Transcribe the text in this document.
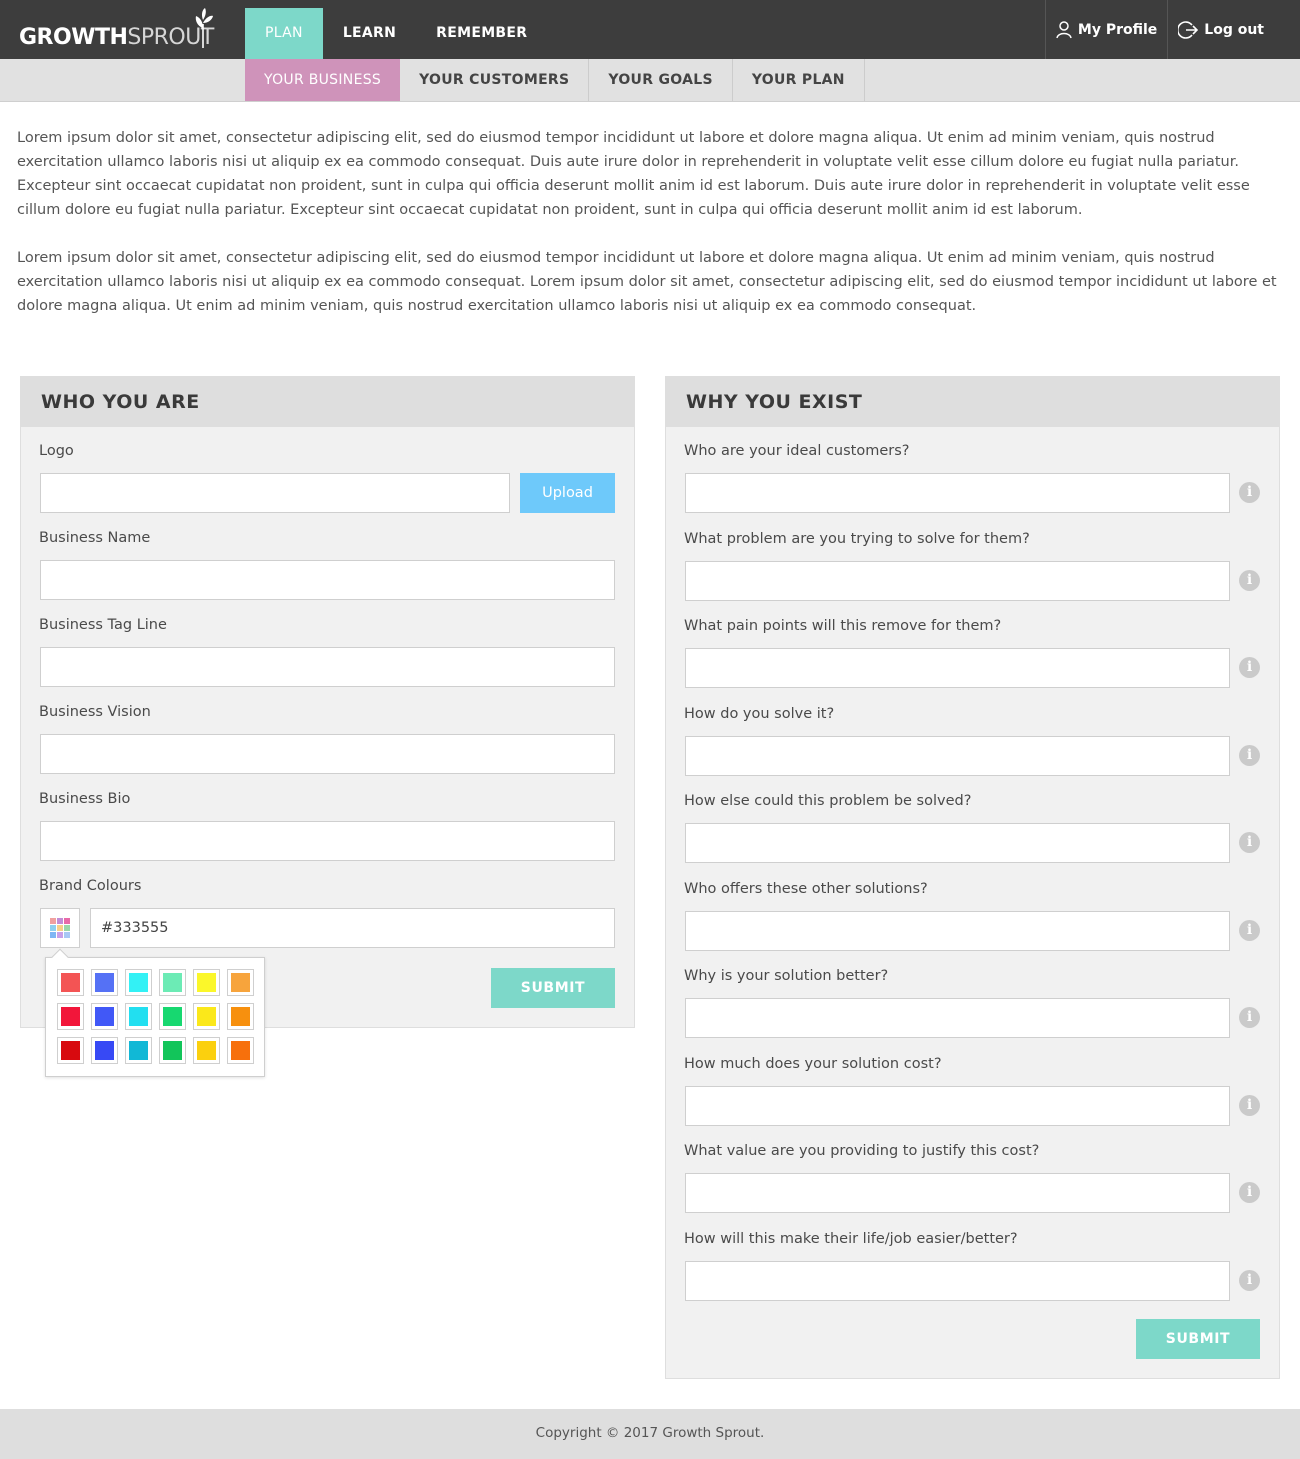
GROWTHSPROUT	PLAN	LEARN	REMEMBER	My Profile	Log out
YOUR BUSINESS	YOUR CUSTOMERS	YOUR GOALS	YOUR PLAN

Lorem ipsum dolor sit amet, consectetur adipiscing elit, sed do eiusmod tempor incididunt ut labore et dolore magna aliqua. Ut enim ad minim veniam, quis nostrud exercitation ullamco laboris nisi ut aliquip ex ea commodo consequat. Duis aute irure dolor in reprehenderit in voluptate velit esse cillum dolore eu fugiat nulla pariatur. Excepteur sint occaecat cupidatat non proident, sunt in culpa qui officia deserunt mollit anim id est laborum. Duis aute irure dolor in reprehenderit in voluptate velit esse cillum dolore eu fugiat nulla pariatur. Excepteur sint occaecat cupidatat non proident, sunt in culpa qui officia deserunt mollit anim id est laborum.

Lorem ipsum dolor sit amet, consectetur adipiscing elit, sed do eiusmod tempor incididunt ut labore et dolore magna aliqua. Ut enim ad minim veniam, quis nostrud exercitation ullamco laboris nisi ut aliquip ex ea commodo consequat. Lorem ipsum dolor sit amet, consectetur adipiscing elit, sed do eiusmod tempor incididunt ut labore et dolore magna aliqua. Ut enim ad minim veniam, quis nostrud exercitation ullamco laboris nisi ut aliquip ex ea commodo consequat.

WHO YOU ARE
Logo
Upload
Business Name
Business Tag Line
Business Vision
Business Bio
Brand Colours
#333555
SUBMIT
WHY YOU EXIST
Who are your ideal customers?
i
What problem are you trying to solve for them?
i
What pain points will this remove for them?
i
How do you solve it?
i
How else could this problem be solved?
i
Who offers these other solutions?
i
Why is your solution better?
i
How much does your solution cost?
i
What value are you providing to justify this cost?
i
How will this make their life/job easier/better?
i
SUBMIT
Copyright © 2017 Growth Sprout.
